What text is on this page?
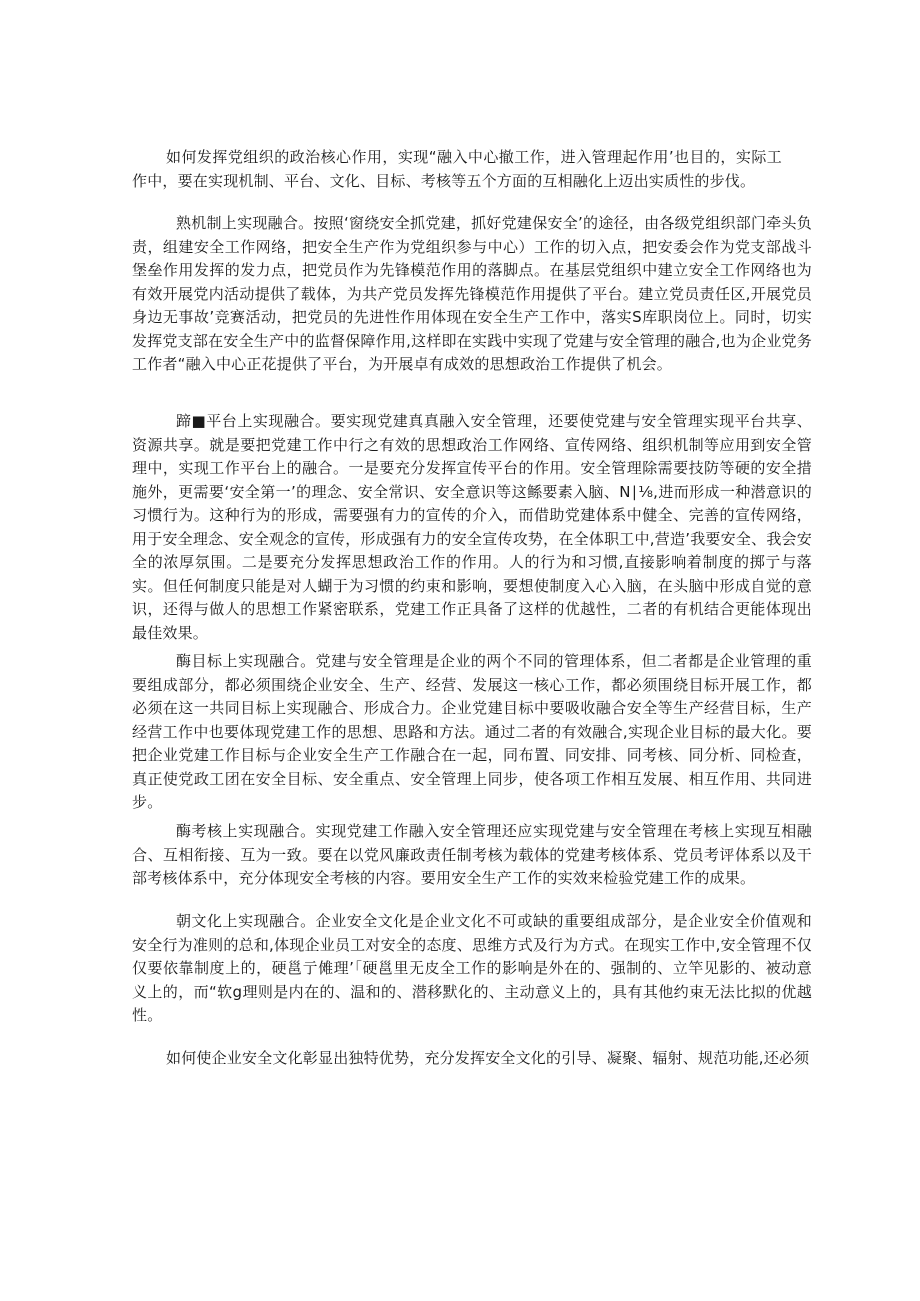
如何发挥党组织的政治核心作用，实现“融入中心撤工作，进入管理起作用’也目的，实际工作中，要在实现机制、平台、文化、目标、考核等五个方面的互相融化上迈出实质性的步伐。

熟机制上实现融合。按照‘窗绕安全抓党建，抓好党建保安全’的途径，由各级党组织部门牵头负责，组建安全工作网络，把安全生产作为党组织参与中心）工作的切入点，把安委会作为党支部战斗堡垒作用发挥的发力点，把党员作为先锋模范作用的落脚点。在基层党组织中建立安全工作网络也为有效开展党内活动提供了载体，为共产党员发挥先锋模范作用提供了平台。建立党员责任区,开展党员身边无事故’竞赛活动，把党员的先进性作用体现在安全生产工作中，落实S库职岗位上。同时，切实发挥党支部在安全生产中的监督保障作用,这样即在实践中实现了党建与安全管理的融合,也为企业党务工作者“融入中心正花提供了平台，为开展卓有成效的思想政治工作提供了机会。

蹄■平台上实现融合。要实现党建真真融入安全管理，还要使党建与安全管理实现平台共享、资源共享。就是要把党建工作中行之有效的思想政治工作网络、宣传网络、组织机制等应用到安全管理中，实现工作平台上的融合。一是要充分发挥宣传平台的作用。安全管理除需要技防等硬的安全措施外，更需要‘安全第一’的理念、安全常识、安全意识等这鲧要素入脑、N∣⅛,进而形成一种潜意识的习惯行为。这种行为的形成，需要强有力的宣传的介入，而借助党建体系中健全、完善的宣传网络，用于安全理念、安全观念的宣传，形成强有力的安全宣传攻势，在全体职工中,营造’我要安全、我会安全的浓厚氛围。二是要充分发挥思想政治工作的作用。人的行为和习惯,直接影响着制度的掷亍与落实。但任何制度只能是对人蝴于为习惯的约束和影响，要想使制度入心入脑，在头脑中形成自觉的意识，还得与做人的思想工作紧密联系，党建工作正具备了这样的优越性，二者的有机结合更能体现出最佳效果。

酶目标上实现融合。党建与安全管理是企业的两个不同的管理体系，但二者都是企业管理的重要组成部分，都必须围绕企业安全、生产、经营、发展这一核心工作，都必须围绕目标开展工作，都必须在这一共同目标上实现融合、形成合力。企业党建目标中要吸收融合安全等生产经营目标，生产经营工作中也要体现党建工作的思想、思路和方法。通过二者的有效融合,实现企业目标的最大化。要把企业党建工作目标与企业安全生产工作融合在一起，同布置、同安排、同考核、同分析、同检查，真正使党政工团在安全目标、安全重点、安全管理上同步，使各项工作相互发展、相互作用、共同进步。

酶考核上实现融合。实现党建工作融入安全管理还应实现党建与安全管理在考核上实现互相融合、互相衔接、互为一致。要在以党风廉政责任制考核为载体的党建考核体系、党员考评体系以及干部考核体系中，充分体现安全考核的内容。要用安全生产工作的实效来检验党建工作的成果。

朝文化上实现融合。企业安全文化是企业文化不可或缺的重要组成部分，是企业安全价值观和安全行为准则的总和,体现企业员工对安全的态度、思维方式及行为方式。在现实工作中,安全管理不仅仅要依靠制度上的，硬邕亍傩理’「硬邕里无皮全工作的影响是外在的、强制的、立竿见影的、被动意义上的，而“软g理则是内在的、温和的、潜移默化的、主动意义上的，具有其他约束无法比拟的优越性。

如何使企业安全文化彰显出独特优势，充分发挥安全文化的引导、凝聚、辐射、规范功能,还必须
